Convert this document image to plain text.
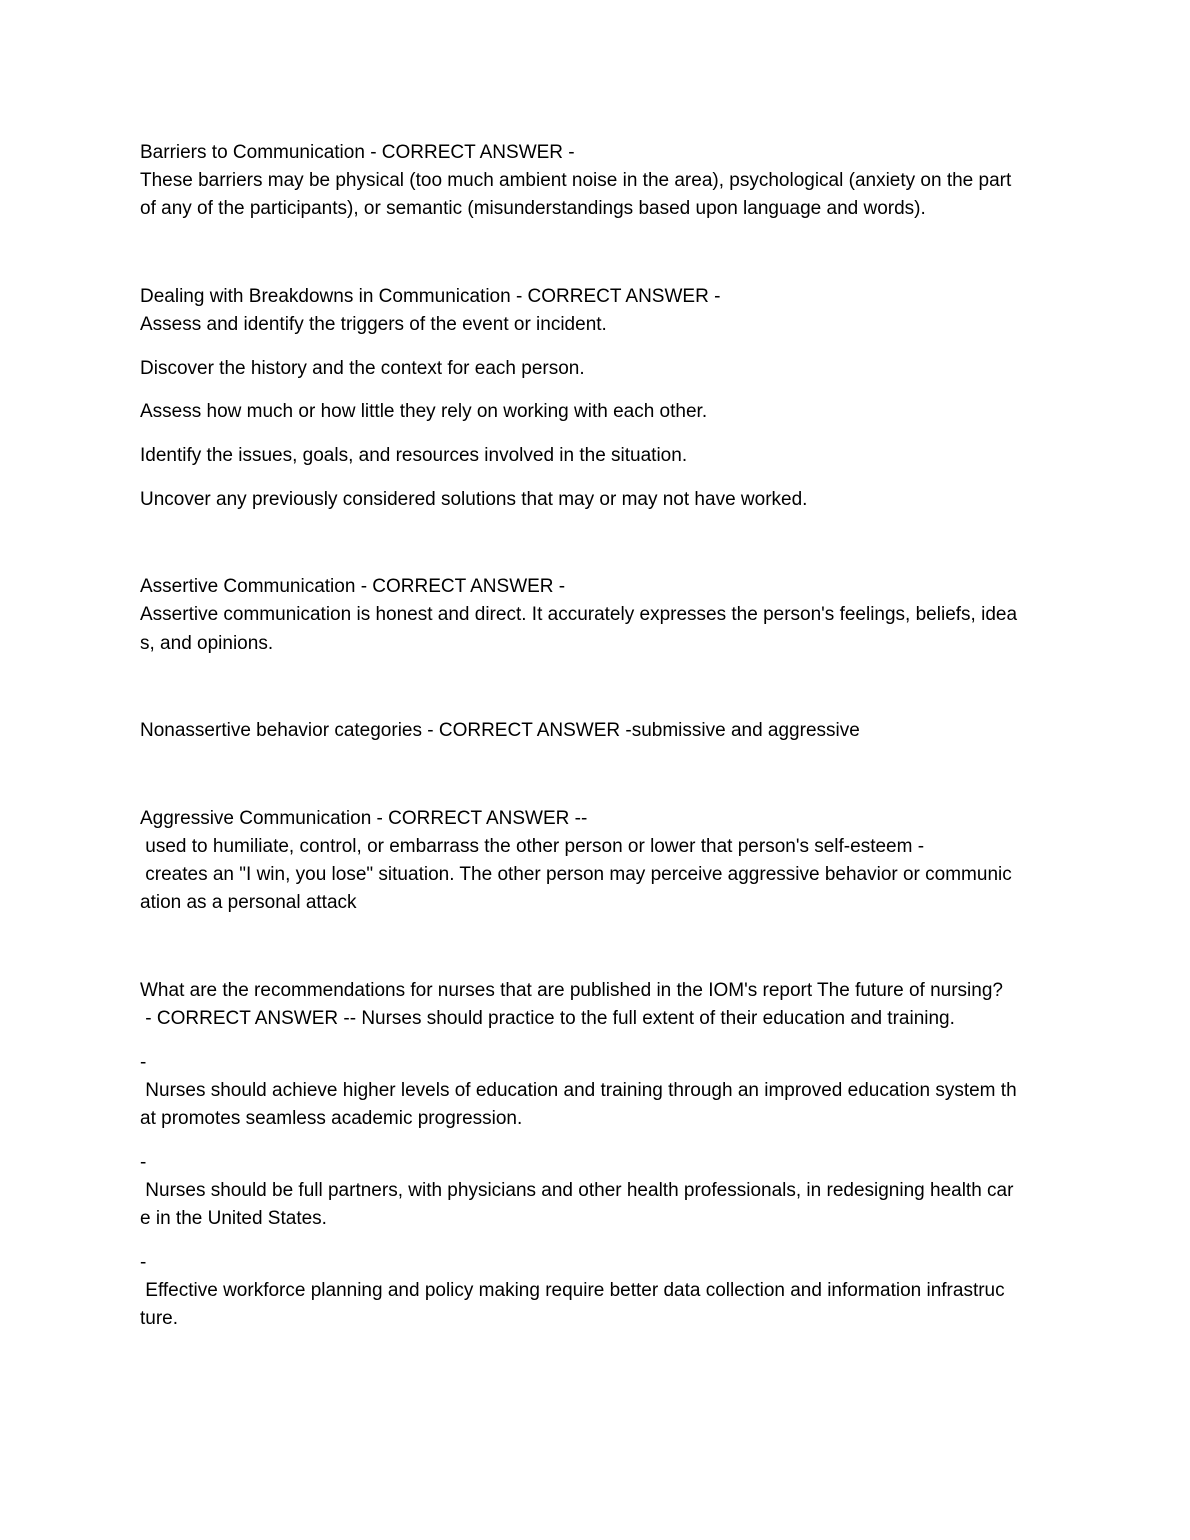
Barriers to Communication - CORRECT ANSWER -

These barriers may be physical (too much ambient noise in the area), psychological (anxiety on the part

of any of the participants), or semantic (misunderstandings based upon language and words).

Dealing with Breakdowns in Communication - CORRECT ANSWER -

Assess and identify the triggers of the event or incident.

Discover the history and the context for each person.

Assess how much or how little they rely on working with each other.

Identify the issues, goals, and resources involved in the situation.

Uncover any previously considered solutions that may or may not have worked.

Assertive Communication - CORRECT ANSWER -

Assertive communication is honest and direct. It accurately expresses the person's feelings, beliefs, idea

s, and opinions.

Nonassertive behavior categories - CORRECT ANSWER -submissive and aggressive

Aggressive Communication - CORRECT ANSWER --

used to humiliate, control, or embarrass the other person or lower that person's self-esteem -

creates an "I win, you lose" situation. The other person may perceive aggressive behavior or communic

ation as a personal attack

What are the recommendations for nurses that are published in the IOM's report The future of nursing?

- CORRECT ANSWER -- Nurses should practice to the full extent of their education and training.

-

Nurses should achieve higher levels of education and training through an improved education system th

at promotes seamless academic progression.

-

Nurses should be full partners, with physicians and other health professionals, in redesigning health car

e in the United States.

-

Effective workforce planning and policy making require better data collection and information infrastruc

ture.
